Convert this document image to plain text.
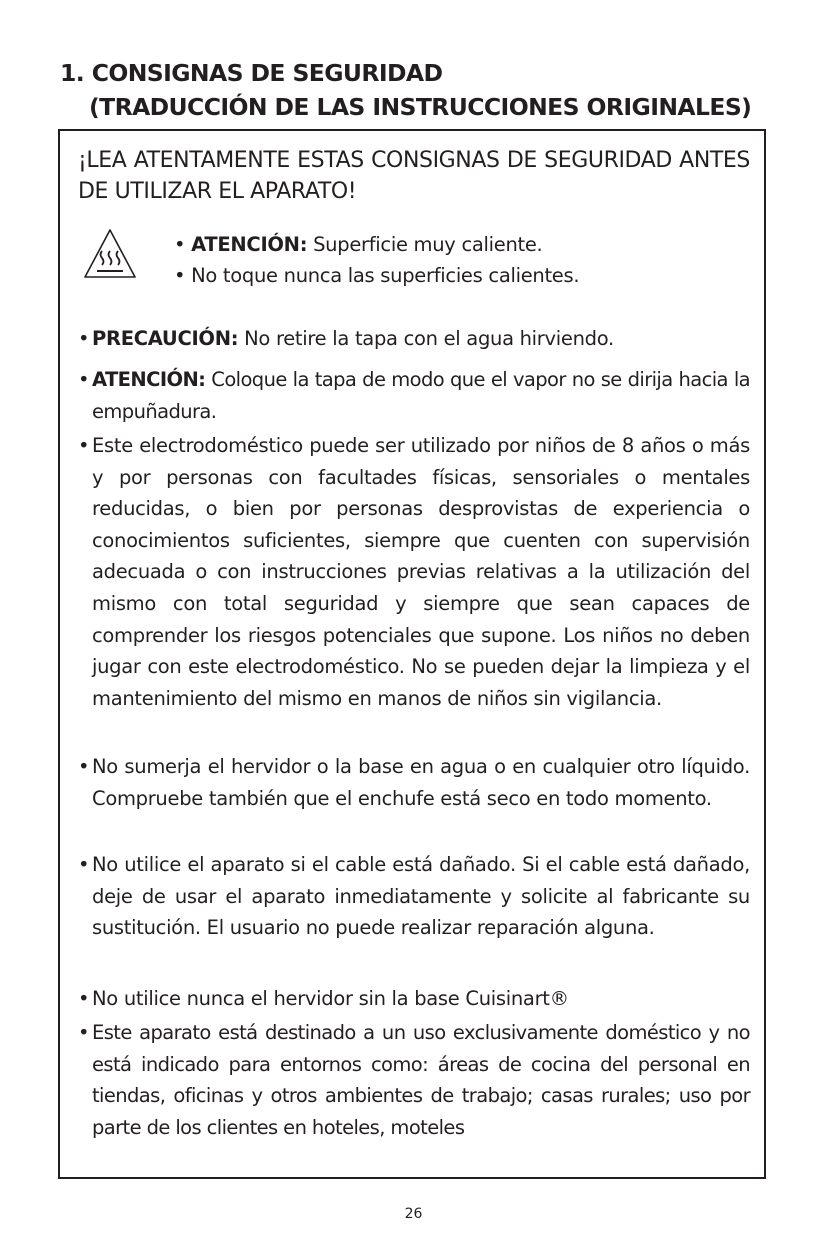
1. CONSIGNAS DE SEGURIDAD
(TRADUCCIÓN DE LAS INSTRUCCIONES ORIGINALES)
¡LEA ATENTAMENTE ESTAS CONSIGNAS DE SEGURIDAD ANTES DE UTILIZAR EL APARATO!
• ATENCIÓN: Superficie muy caliente.
• No toque nunca las superficies calientes.
• PRECAUCIÓN: No retire la tapa con el agua hirviendo.
• ATENCIÓN: Coloque la tapa de modo que el vapor no se dirija hacia la empuñadura.
• Este electrodoméstico puede ser utilizado por niños de 8 años o más y por personas con facultades físicas, sensoriales o mentales reducidas, o bien por personas desprovistas de experiencia o conocimientos suficientes, siempre que cuenten con supervisión adecuada o con instrucciones previas relativas a la utilización del mismo con total seguridad y siempre que sean capaces de comprender los riesgos potenciales que supone. Los niños no deben jugar con este electrodoméstico. No se pueden dejar la limpieza y el mantenimiento del mismo en manos de niños sin vigilancia.
• No sumerja el hervidor o la base en agua o en cualquier otro líquido. Compruebe también que el enchufe está seco en todo momento.
• No utilice el aparato si el cable está dañado. Si el cable está dañado, deje de usar el aparato inmediatamente y solicite al fabricante su sustitución. El usuario no puede realizar reparación alguna.
• No utilice nunca el hervidor sin la base Cuisinart®
• Este aparato está destinado a un uso exclusivamente doméstico y no está indicado para entornos como: áreas de cocina del personal en tiendas, oficinas y otros ambientes de trabajo; casas rurales; uso por parte de los clientes en hoteles, moteles
26
